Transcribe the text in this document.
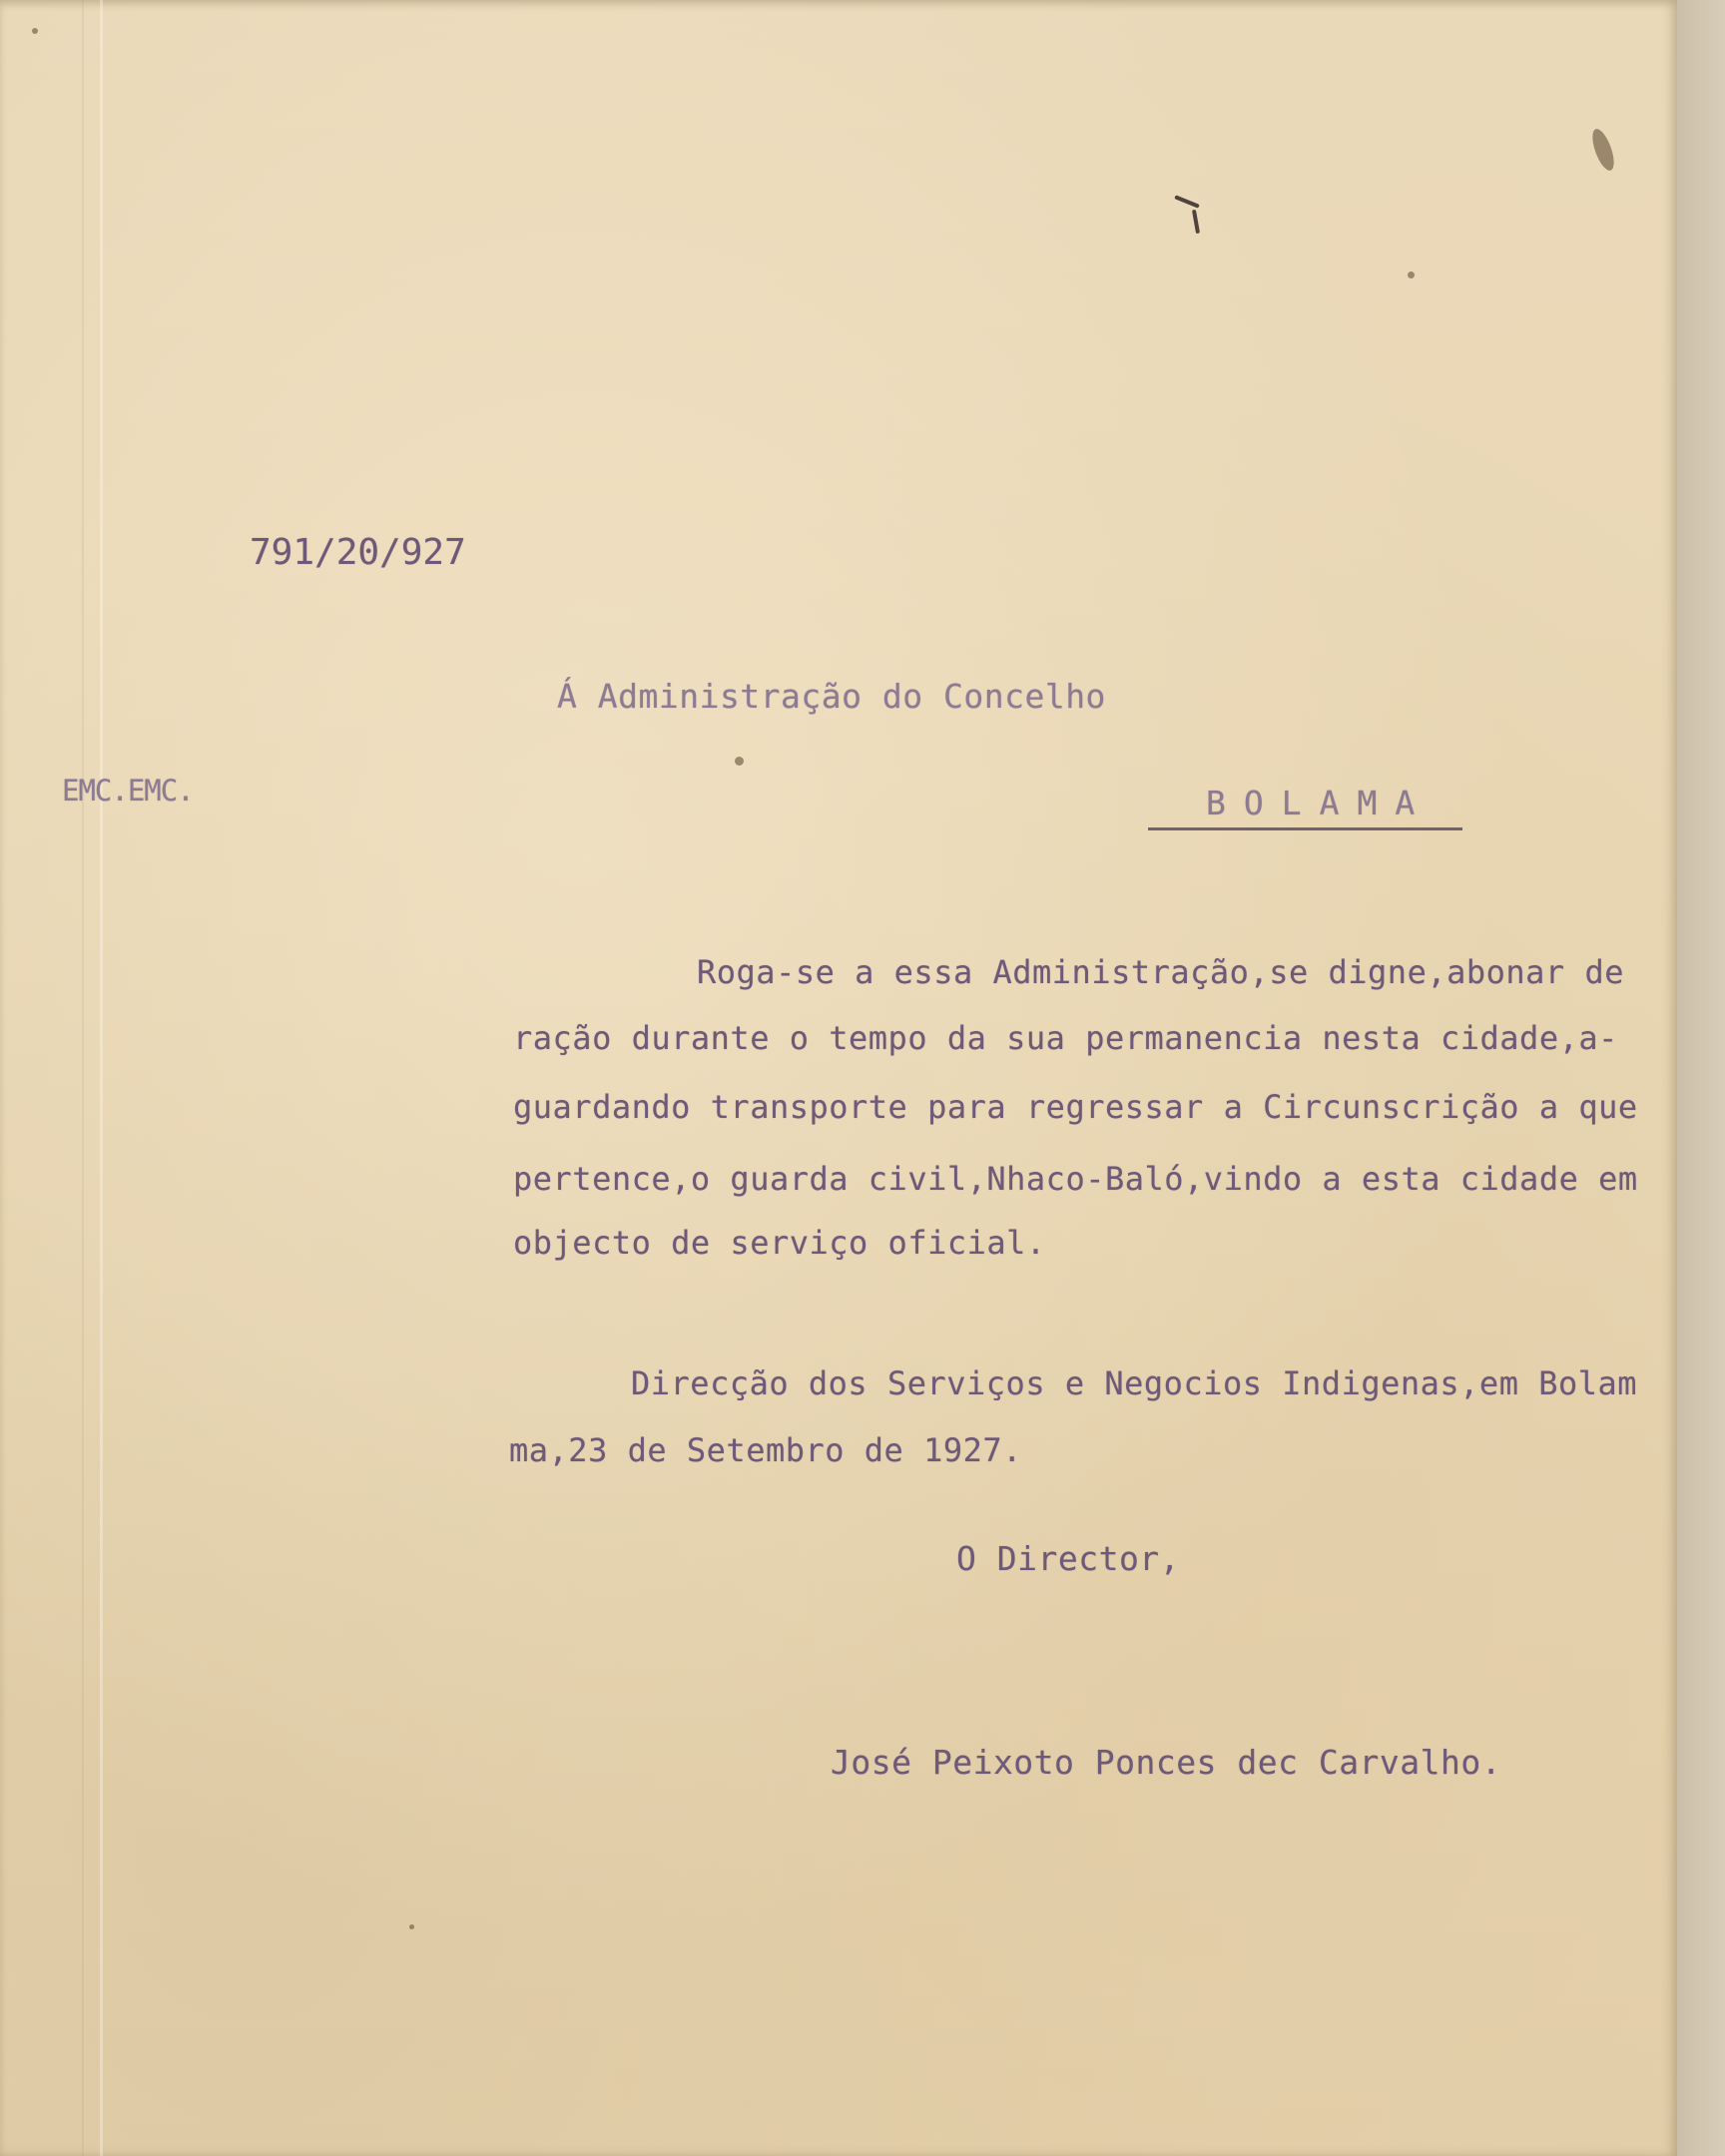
791/20/927

Á Administração do Concelho

EMC.EMC.	BOLAMA

Roga-se a essa Administração,se digne,abonar de

ração durante o tempo da sua permanencia nesta cidade,a-

guardando transporte para regressar a Circunscrição a que

pertence,o guarda civil,Nhaco-Baló,vindo a esta cidade em

objecto de serviço oficial.

Direcção dos Serviços e Negocios Indigenas,em Bolam

ma,23 de Setembro de 1927.

O Director,

José Peixoto Ponces dec Carvalho.
